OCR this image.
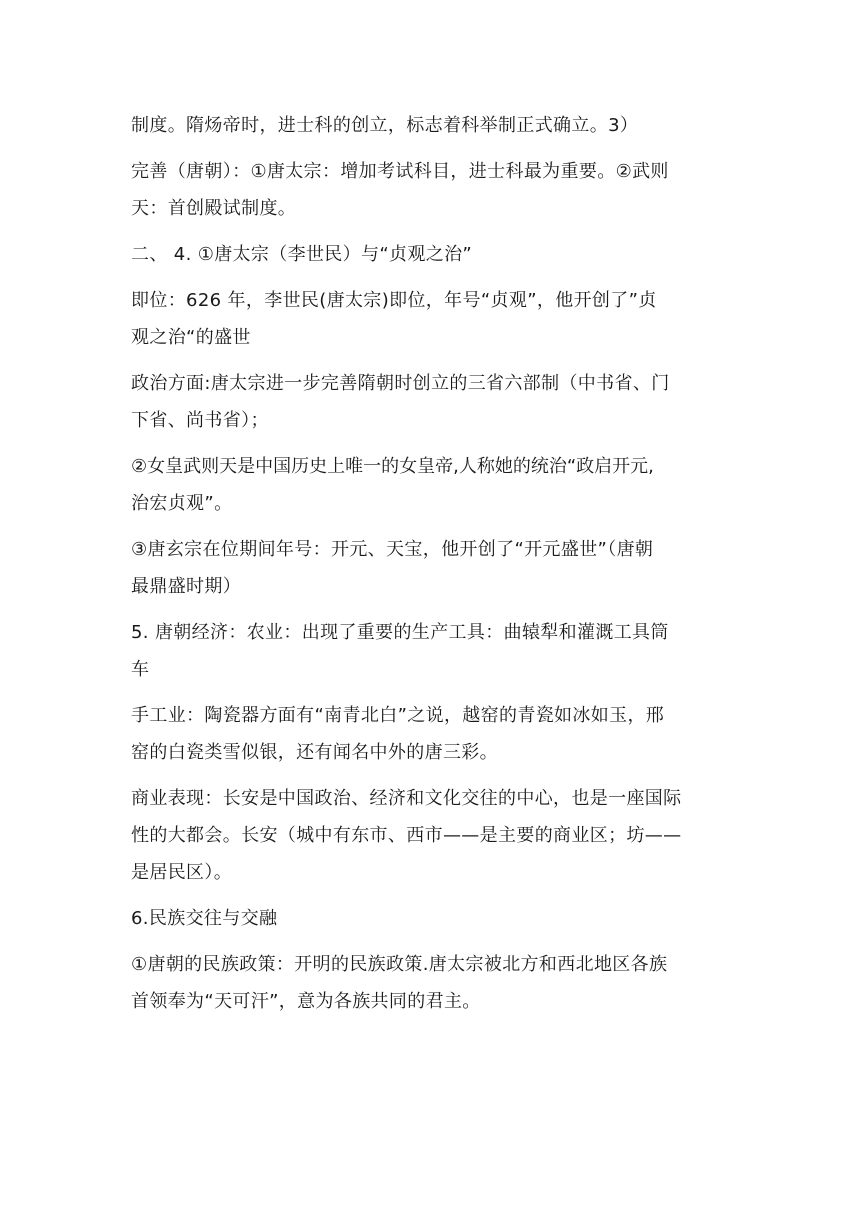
制度。隋炀帝时，进士科的创立，标志着科举制正式确立。3）
完善（唐朝）：①唐太宗：增加考试科目，进士科最为重要。②武则
天：首创殿试制度。
二、 4. ①唐太宗（李世民）与“贞观之治”
即位：626 年，李世民(唐太宗)即位，年号“贞观”，他开创了”贞
观之治“的盛世
政治方面:唐太宗进一步完善隋朝时创立的三省六部制（中书省、门
下省、尚书省）；
②女皇武则天是中国历史上唯一的女皇帝,人称她的统治“政启开元,
治宏贞观”。
③唐玄宗在位期间年号：开元、天宝，他开创了“开元盛世”（唐朝
最鼎盛时期）
5. 唐朝经济：农业：出现了重要的生产工具：曲辕犁和灌溉工具筒
车
手工业：陶瓷器方面有“南青北白”之说，越窑的青瓷如冰如玉，邢
窑的白瓷类雪似银，还有闻名中外的唐三彩。
商业表现：长安是中国政治、经济和文化交往的中心，也是一座国际
性的大都会。长安（城中有东市、西市——是主要的商业区；坊——
是居民区）。
6.民族交往与交融
①唐朝的民族政策：开明的民族政策.唐太宗被北方和西北地区各族
首领奉为“天可汗”，意为各族共同的君主。
